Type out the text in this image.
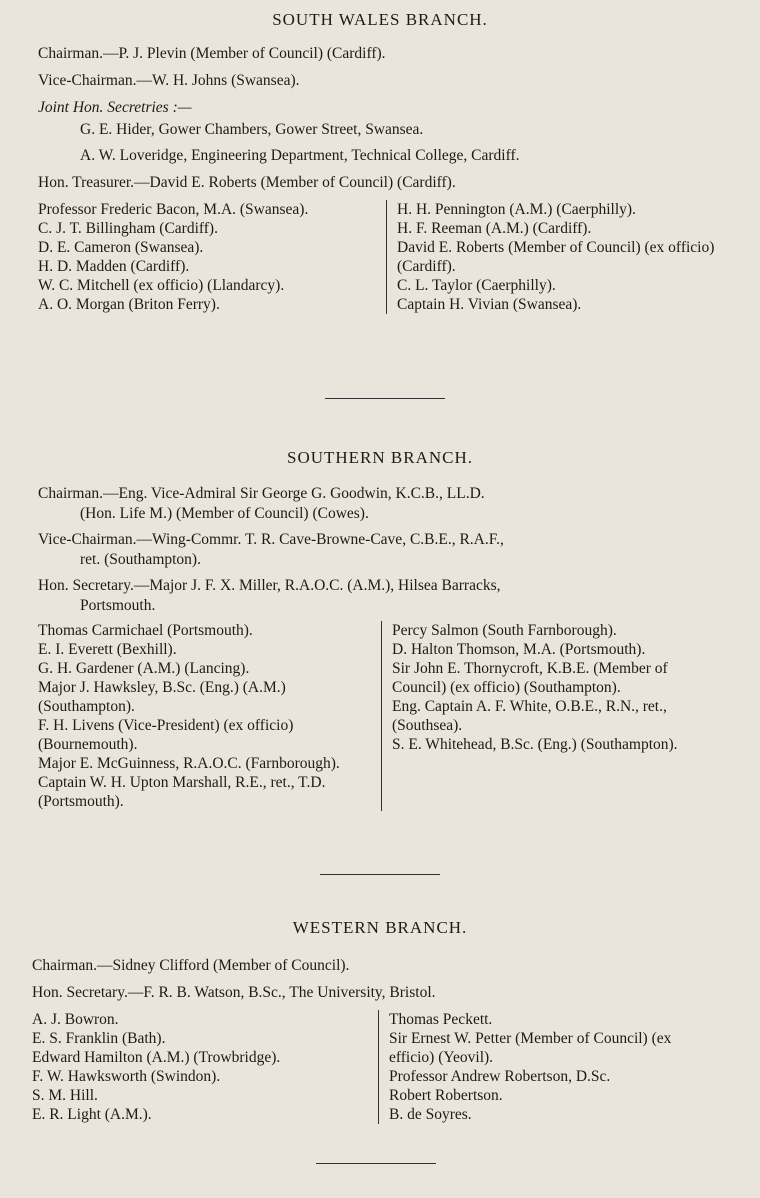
SOUTH WALES BRANCH.
Chairman.—P. J. Plevin (Member of Council) (Cardiff).
Vice-Chairman.—W. H. Johns (Swansea).
Joint Hon. Secretries :—
G. E. Hider, Gower Chambers, Gower Street, Swansea.
A. W. Loveridge, Engineering Department, Technical College, Cardiff.
Hon. Treasurer.—David E. Roberts (Member of Council) (Cardiff).

Professor Frederic Bacon, M.A. (Swansea).

C. J. T. Billingham (Cardiff).

D. E. Cameron (Swansea).

H. D. Madden (Cardiff).

W. C. Mitchell (ex officio) (Llandarcy).

A. O. Morgan (Briton Ferry).

H. H. Pennington (A.M.) (Caerphilly).

H. F. Reeman (A.M.) (Cardiff).

David E. Roberts (Member of Council) (ex officio) (Cardiff).

C. L. Taylor (Caerphilly).

Captain H. Vivian (Swansea).

SOUTHERN BRANCH.
Chairman.—Eng. Vice-Admiral Sir George G. Goodwin, K.C.B., LL.D.
(Hon. Life M.) (Member of Council) (Cowes).
Vice-Chairman.—Wing-Commr. T. R. Cave-Browne-Cave, C.B.E., R.A.F.,
ret. (Southampton).
Hon. Secretary.—Major J. F. X. Miller, R.A.O.C. (A.M.), Hilsea Barracks,
Portsmouth.

Thomas Carmichael (Portsmouth).

E. I. Everett (Bexhill).

G. H. Gardener (A.M.) (Lancing).

Major J. Hawksley, B.Sc. (Eng.) (A.M.) (Southampton).

F. H. Livens (Vice-President) (ex officio) (Bournemouth).

Major E. McGuinness, R.A.O.C. (Farnborough).

Captain W. H. Upton Marshall, R.E., ret., T.D. (Portsmouth).

Percy Salmon (South Farnborough).

D. Halton Thomson, M.A. (Portsmouth).

Sir John E. Thornycroft, K.B.E. (Member of Council) (ex officio) (Southampton).

Eng. Captain A. F. White, O.B.E., R.N., ret., (Southsea).

S. E. Whitehead, B.Sc. (Eng.) (Southampton).

WESTERN BRANCH.
Chairman.—Sidney Clifford (Member of Council).
Hon. Secretary.—F. R. B. Watson, B.Sc., The University, Bristol.

A. J. Bowron.

E. S. Franklin (Bath).

Edward Hamilton (A.M.) (Trowbridge).

F. W. Hawksworth (Swindon).

S. M. Hill.

E. R. Light (A.M.).

Thomas Peckett.

Sir Ernest W. Petter (Member of Council) (ex efficio) (Yeovil).

Professor Andrew Robertson, D.Sc.

Robert Robertson.

B. de Soyres.
